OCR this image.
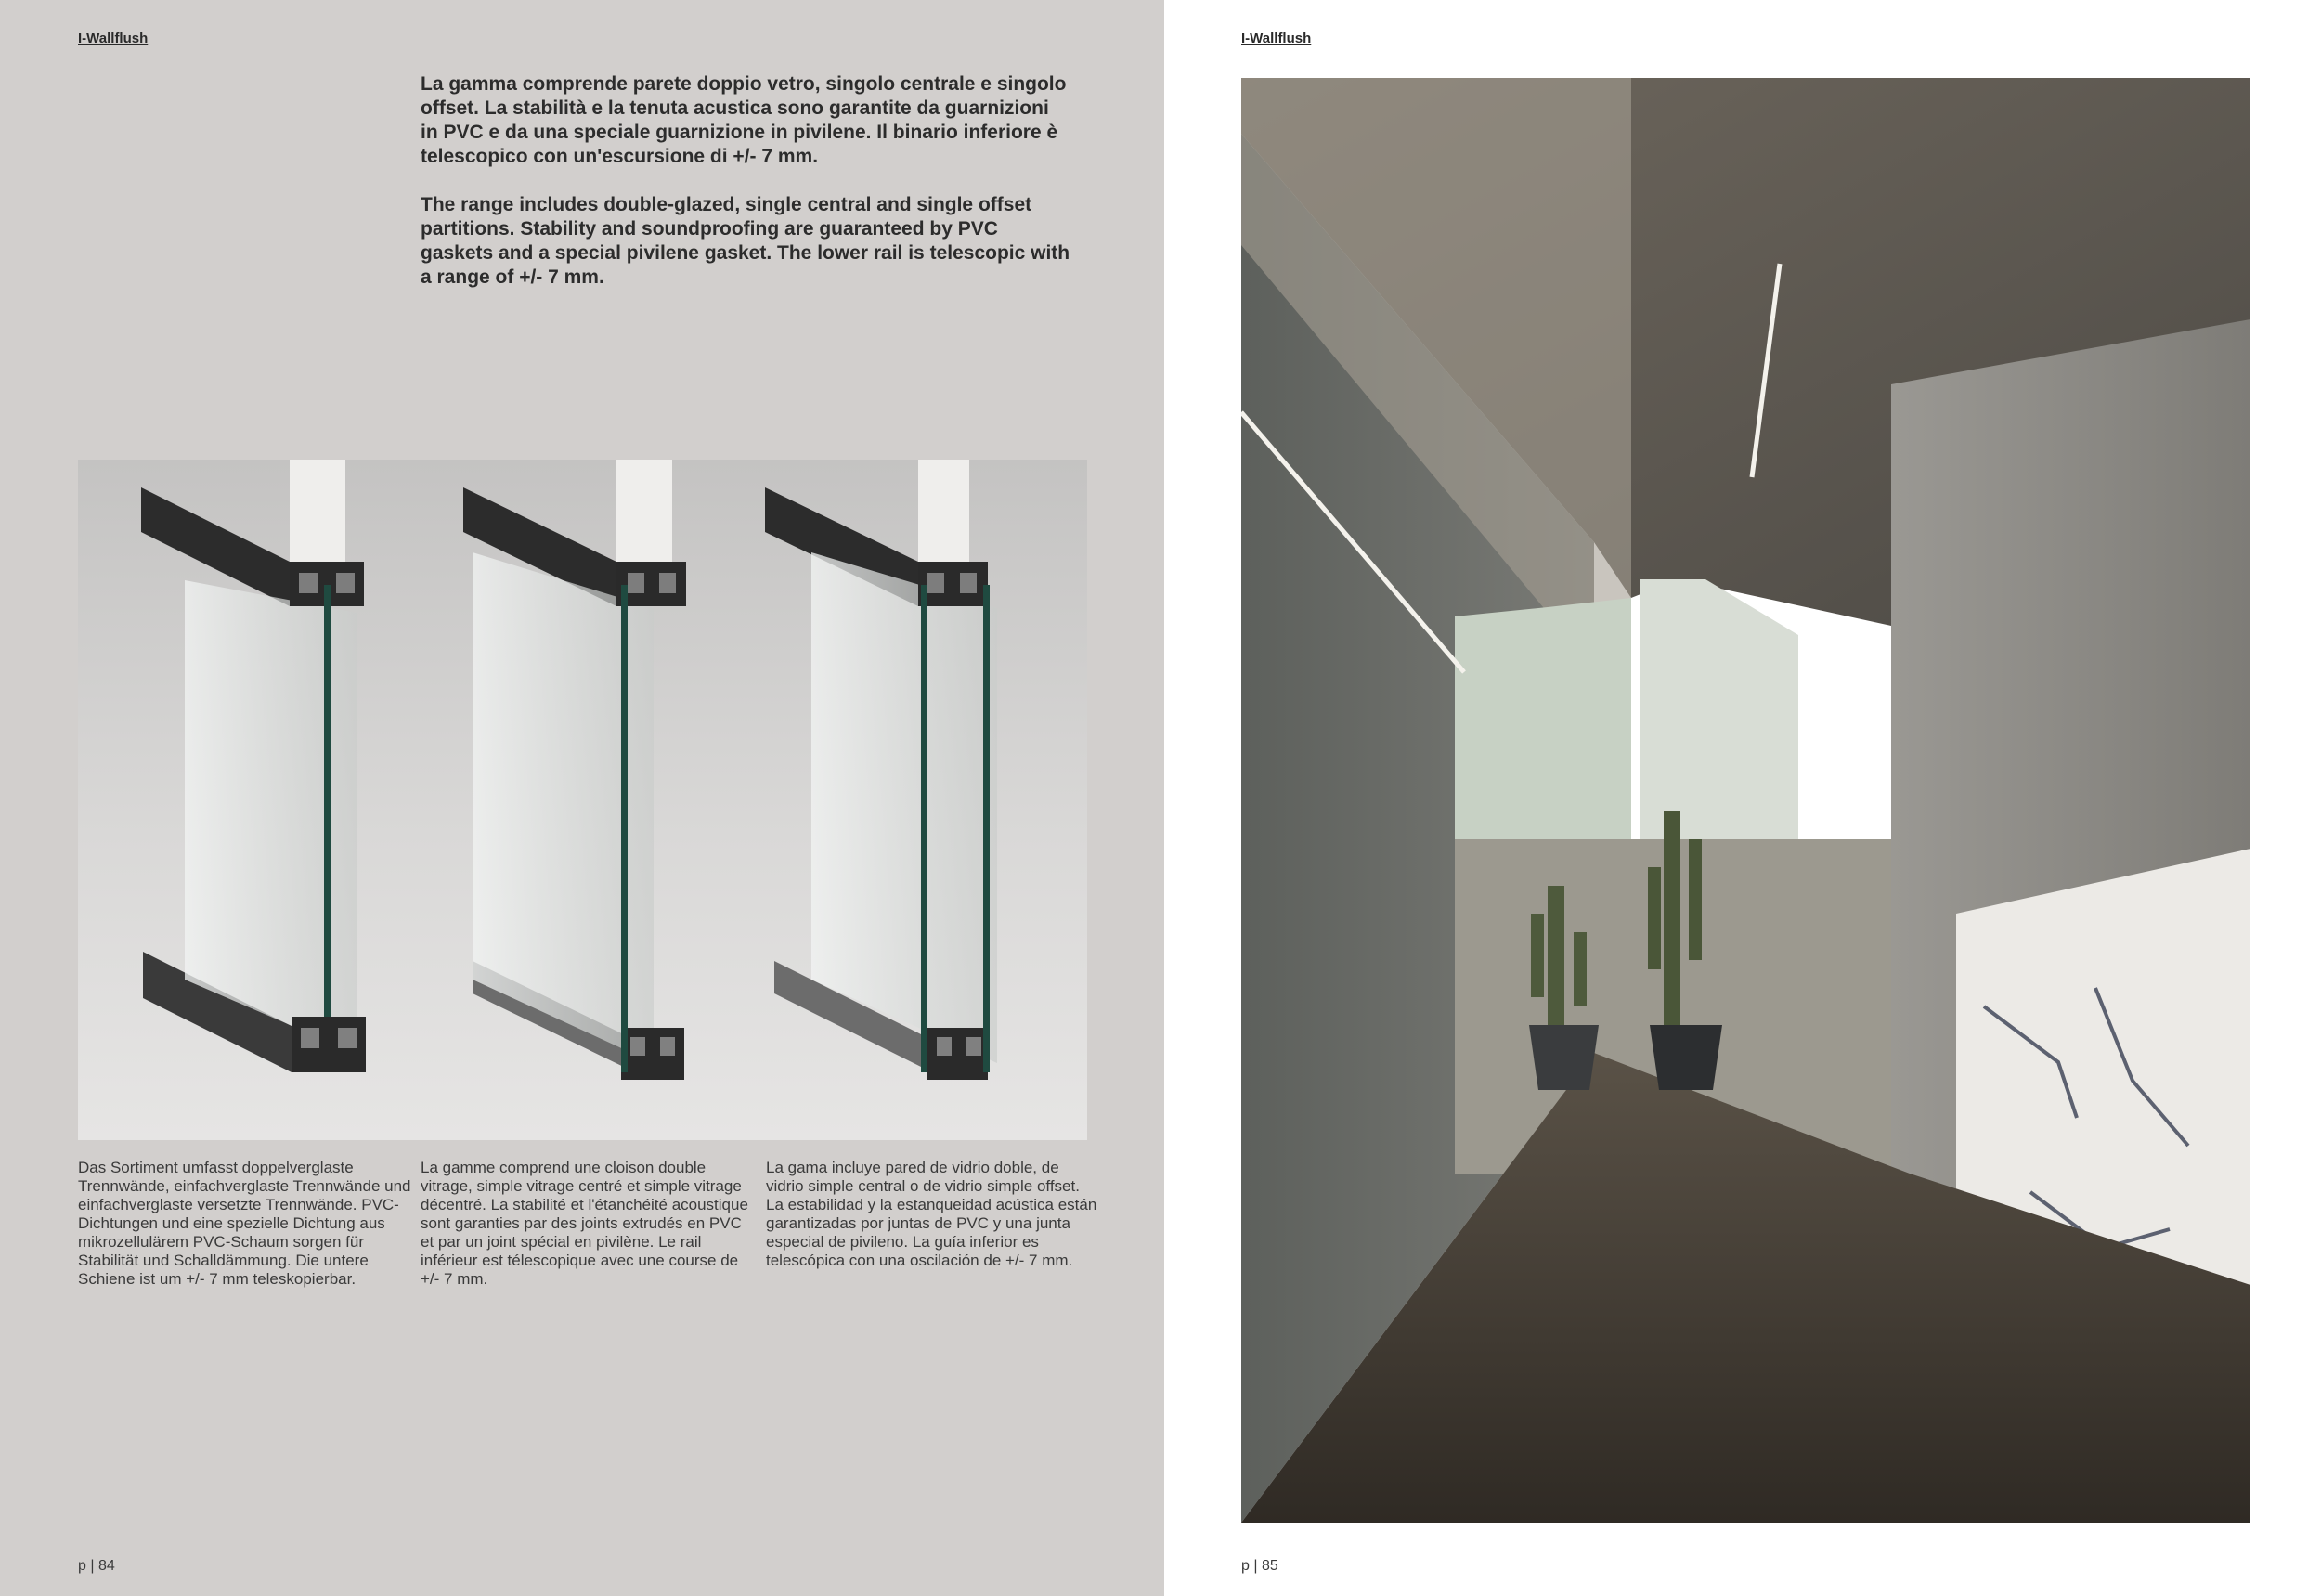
I-Wallflush

La gamma comprende parete doppio vetro, singolo centrale e singolo offset. La stabilità e la tenuta acustica sono garantite da guarnizioni in PVC e da una speciale guarnizione in pivilene. Il binario inferiore è telescopico con un'escursione di +/- 7 mm.

The range includes double-glazed, single central and single offset partitions. Stability and soundproofing are guaranteed by PVC gaskets and a special pivilene gasket. The lower rail is telescopic with a range of +/- 7 mm.

Das Sortiment umfasst doppelverglaste Trennwände, einfachverglaste Trennwände und einfachverglaste versetzte Trennwände. PVC-Dichtungen und eine spezielle Dichtung aus mikrozellulärem PVC-Schaum sorgen für Stabilität und Schalldämmung. Die untere Schiene ist um +/- 7 mm teleskopierbar.
La gamme comprend une cloison double vitrage, simple vitrage centré et simple vitrage décentré. La stabilité et l'étanchéité acoustique sont garanties par des joints extrudés en PVC et par un joint spécial en pivilène. Le rail inférieur est télescopique avec une course de +/- 7 mm.
La gama incluye pared de vidrio doble, de vidrio simple central o de vidrio simple offset. La estabilidad y la estanqueidad acústica están garantizadas por juntas de PVC y una junta especial de pivileno. La guía inferior es telescópica con una oscilación de +/- 7 mm.
p | 84
I-Wallflush
p | 85
